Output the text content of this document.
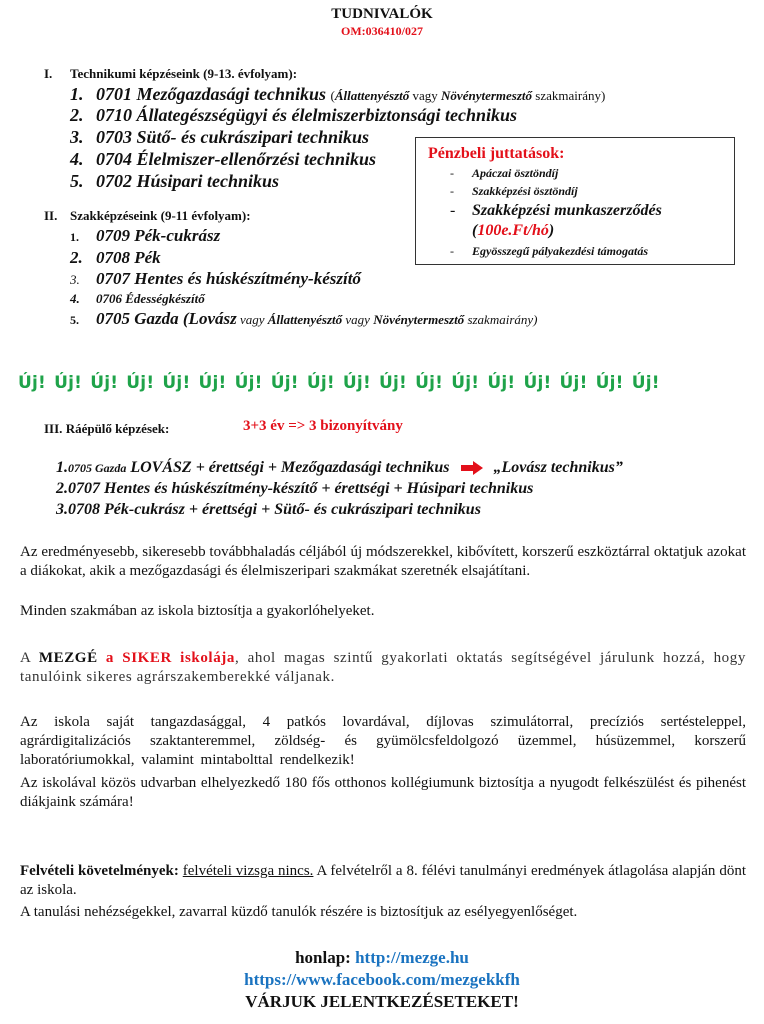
TUDNIVALÓK
OM:036410/027
I. Technikumi képzéseink (9-13. évfolyam):
1. 0701 Mezőgazdasági technikus (Állattenyésztő vagy Növénytermesztő szakmairány)
2. 0710 Állategészségügyi és élelmiszerbiztonsági technikus
3. 0703 Sütő- és cukrászipari technikus
4. 0704 Élelmiszer-ellenőrzési technikus
5. 0702 Húsipari technikus
Pénzbeli juttatások:
- Apáczai ösztöndíj
- Szakképzési ösztöndíj
- Szakképzési munkaszerződés
(100e.Ft/hó)
- Egyösszegű pályakezdési támogatás
II. Szakképzéseink (9-11 évfolyam):
1. 0709 Pék-cukrász
2. 0708 Pék
3. 0707 Hentes és húskészítmény-készítő
4. 0706 Édességkészítő
5. 0705 Gazda (Lovász vagy Állattenyésztő vagy Növénytermesztő szakmairány)
Új! Új! Új! Új! Új! Új! Új! Új! Új! Új! Új! Új! Új! Új! Új! Új! Új! Új!
III. Ráépülő képzések:	3+3 év => 3 bizonyítvány
1.0705 Gazda LOVÁSZ + érettségi + Mezőgazdasági technikus	„Lovász technikus”
2.0707 Hentes és húskészítmény-készítő + érettségi + Húsipari technikus
3.0708 Pék-cukrász + érettségi + Sütő- és cukrászipari technikus
Az eredményesebb, sikeresebb továbbhaladás céljából új módszerekkel, kibővített, korszerű eszköztárral oktatjuk azokat a diákokat, akik a mezőgazdasági és élelmiszeripari szakmákat szeretnék elsajátítani.
Minden szakmában az iskola biztosítja a gyakorlóhelyeket.
A MEZGÉ a SIKER iskolája, ahol magas szintű gyakorlati oktatás segítségével járulunk hozzá, hogy tanulóink sikeres agrárszakemberekké váljanak.
Az iskola saját tangazdasággal, 4 patkós lovardával, díjlovas szimulátorral, precíziós sertésteleppel, agrárdigitalizációs szaktanteremmel, zöldség- és gyümölcsfeldolgozó üzemmel, húsüzemmel, korszerű laboratóriumokkal, valamint mintabolttal rendelkezik!
Az iskolával közös udvarban elhelyezkedő 180 fős otthonos kollégiumunk biztosítja a nyugodt felkészülést és pihenést diákjaink számára!
Felvételi követelmények: felvételi vizsga nincs. A felvételről a 8. félévi tanulmányi eredmények átlagolása alapján dönt az iskola.
A tanulási nehézségekkel, zavarral küzdő tanulók részére is biztosítjuk az esélyegyenlőséget.
honlap: http://mezge.hu
https://www.facebook.com/mezgekkfh
VÁRJUK JELENTKEZÉSETEKET!
